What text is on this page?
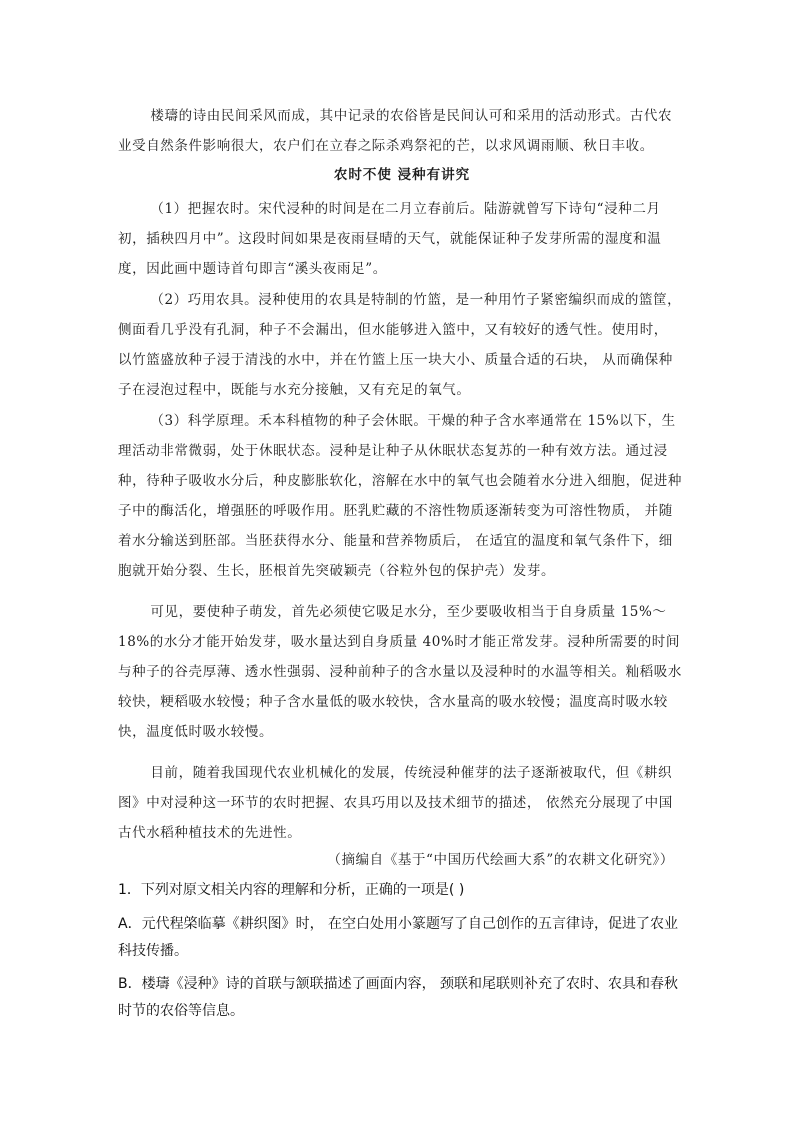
楼璹的诗由民间采风而成，其中记录的农俗皆是民间认可和采用的活动形式。古代农业受自然条件影响很大，农户们在立春之际杀鸡祭祀的芒，以求风调雨顺、秋日丰收。

农时不使 浸种有讲究

（1）把握农时。宋代浸种的时间是在二月立春前后。陆游就曾写下诗句“浸种二月初，插秧四月中”。这段时间如果是夜雨昼晴的天气，就能保证种子发芽所需的湿度和温度，因此画中题诗首句即言“溪头夜雨足”。

（2）巧用农具。浸种使用的农具是特制的竹篮，是一种用竹子紧密编织而成的篮筐，侧面看几乎没有孔洞，种子不会漏出，但水能够进入篮中，又有较好的透气性。使用时， 以竹篮盛放种子浸于清浅的水中，并在竹篮上压一块大小、质量合适的石块， 从而确保种子在浸泡过程中，既能与水充分接触，又有充足的氧气。

（3）科学原理。禾本科植物的种子会休眠。干燥的种子含水率通常在 15%以下，生理活动非常微弱，处于休眠状态。浸种是让种子从休眠状态复苏的一种有效方法。通过浸种，待种子吸收水分后，种皮膨胀软化，溶解在水中的氧气也会随着水分进入细胞，促进种子中的酶活化，增强胚的呼吸作用。胚乳贮藏的不溶性物质逐渐转变为可溶性物质， 并随着水分输送到胚部。当胚获得水分、能量和营养物质后， 在适宜的温度和氧气条件下，细胞就开始分裂、生长，胚根首先突破颖壳（谷粒外包的保护壳）发芽。

可见，要使种子萌发，首先必须使它吸足水分，至少要吸收相当于自身质量 15%～18%的水分才能开始发芽，吸水量达到自身质量 40%时才能正常发芽。浸种所需要的时间与种子的谷壳厚薄、透水性强弱、浸种前种子的含水量以及浸种时的水温等相关。籼稻吸水较快，粳稻吸水较慢；种子含水量低的吸水较快，含水量高的吸水较慢；温度高时吸水较快，温度低时吸水较慢。

目前，随着我国现代农业机械化的发展，传统浸种催芽的法子逐渐被取代，但《耕织图》中对浸种这一环节的农时把握、农具巧用以及技术细节的描述， 依然充分展现了中国古代水稻种植技术的先进性。

（摘编自《基于“中国历代绘画大系”的农耕文化研究》）

1．下列对原文相关内容的理解和分析，正确的一项是( )

A．元代程棨临摹《耕织图》时， 在空白处用小篆题写了自己创作的五言律诗，促进了农业科技传播。

B．楼璹《浸种》诗的首联与颔联描述了画面内容， 颈联和尾联则补充了农时、农具和春秋时节的农俗等信息。
